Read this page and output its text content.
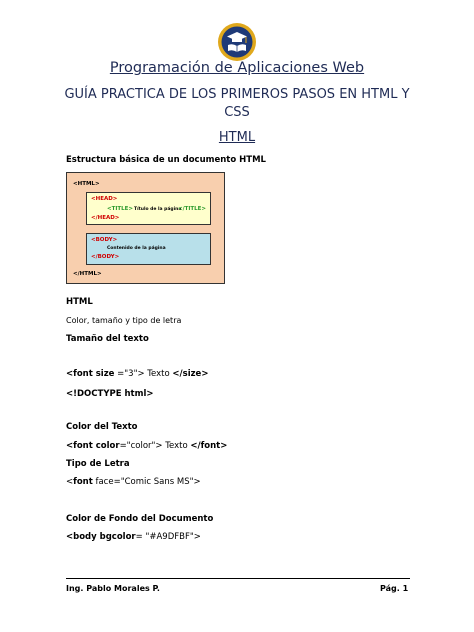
Programación de Aplicaciones Web
GUÍA PRACTICA DE LOS PRIMEROS PASOS EN HTML Y CSS
HTML
Estructura básica de un documento HTML
<HTML>
<HEAD>
<TITLE> Título de la página
</TITLE>
</HEAD>
<BODY>
Contenido de la página
</BODY>
</HTML>
HTML
Color, tamaño y tipo de letra
Tamaño del texto
<font size ="3"> Texto </size>
<!DOCTYPE html>
Color del Texto
<font color="color"> Texto </font>
Tipo de Letra
<font face="Comic Sans MS">
Color de Fondo del Documento
<body bgcolor= "#A9DFBF">
Ing. Pablo Morales P.	Pág. 1
